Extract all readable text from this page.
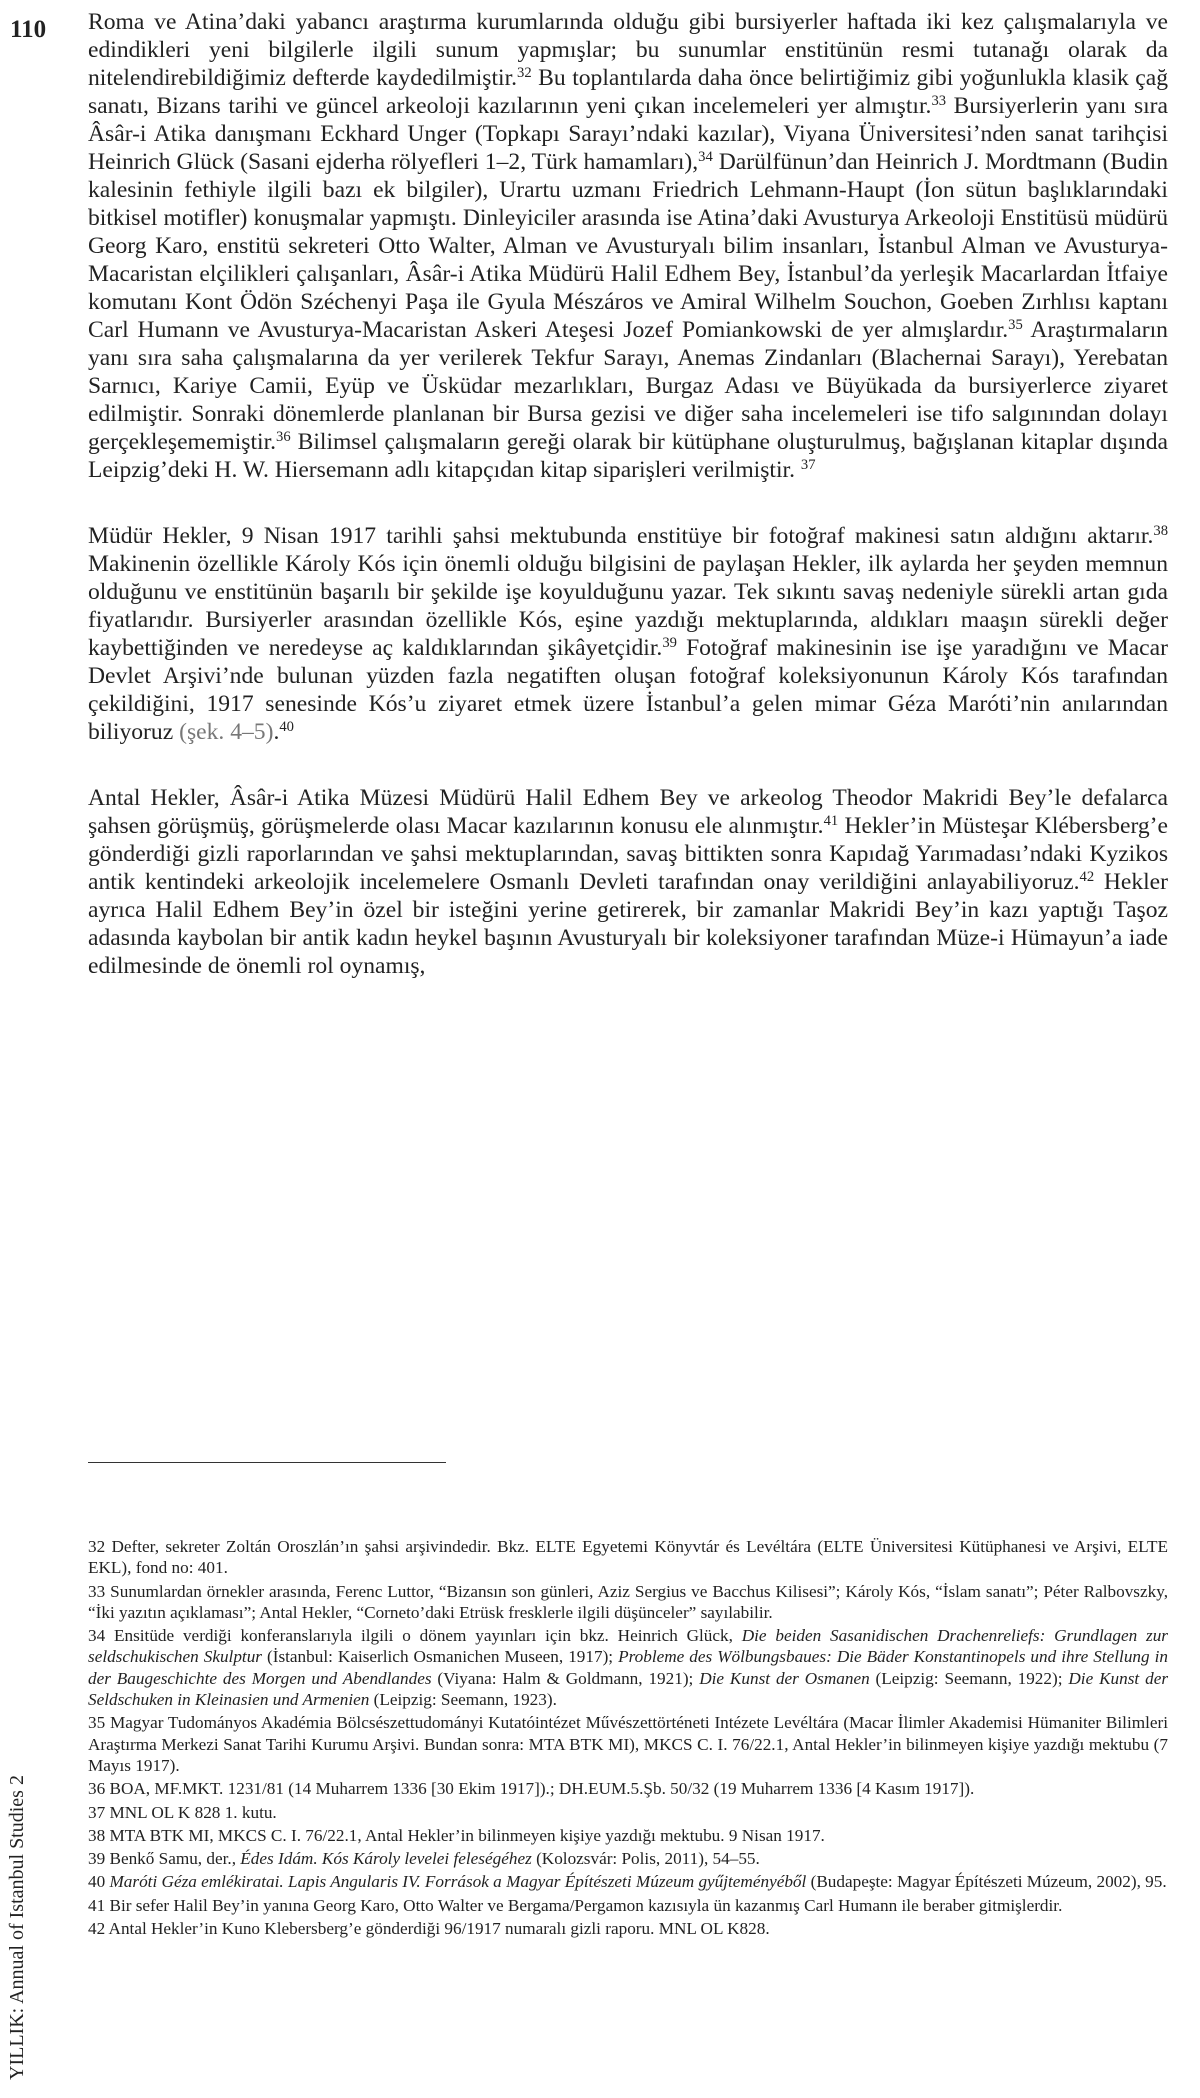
110
YILLIK: Annual of Istanbul Studies 2

Roma ve Atina’daki yabancı araştırma kurumlarında olduğu gibi bursiyerler haftada iki kez çalışmalarıyla ve edindikleri yeni bilgilerle ilgili sunum yapmışlar; bu sunumlar enstitünün resmi tutanağı olarak da nitelendirebildiğimiz defterde kaydedilmiştir.$^{32}$ Bu toplantılarda daha önce belirtiğimiz gibi yoğunlukla klasik çağ sanatı, Bizans tarihi ve güncel arkeoloji kazılarının yeni çıkan incelemeleri yer almıştır.$^{33}$ Bursiyerlerin yanı sıra Âsâr-i Atika danışmanı Eckhard Unger (Topkapı Sarayı’ndaki kazılar), Viyana Üniversitesi’nden sanat tarihçisi Heinrich Glück (Sasani ejderha rölyefleri 1–2, Türk hamamları),$^{34}$ Darülfünun’dan Heinrich J. Mordtmann (Budin kalesinin fethiyle ilgili bazı ek bilgiler), Urartu uzmanı Friedrich Lehmann-Haupt (İon sütun başlıklarındaki bitkisel motifler) konuşmalar yapmıştı. Dinleyiciler arasında ise Atina’daki Avusturya Arkeoloji Enstitüsü müdürü Georg Karo, enstitü sekreteri Otto Walter, Alman ve Avusturyalı bilim insanları, İstanbul Alman ve Avusturya-Macaristan elçilikleri çalışanları, Âsâr-i Atika Müdürü Halil Edhem Bey, İstanbul’da yerleşik Macarlardan İtfaiye komutanı Kont Ödön Széchenyi Paşa ile Gyula Mészáros ve Amiral Wilhelm Souchon, Goeben Zırhlısı kaptanı Carl Humann ve Avusturya-Macaristan Askeri Ateşesi Jozef Pomiankowski de yer almışlardır.$^{35}$ Araştırmaların yanı sıra saha çalışmalarına da yer verilerek Tekfur Sarayı, Anemas Zindanları (Blachernai Sarayı), Yerebatan Sarnıcı, Kariye Camii, Eyüp ve Üsküdar mezarlıkları, Burgaz Adası ve Büyükada da bursiyerlerce ziyaret edilmiştir. Sonraki dönemlerde planlanan bir Bursa gezisi ve diğer saha incelemeleri ise tifo salgınından dolayı gerçekleşememiştir.$^{36}$ Bilimsel çalışmaların gereği olarak bir kütüphane oluşturulmuş, bağışlanan kitaplar dışında Leipzig’deki H. W. Hiersemann adlı kitapçıdan kitap siparişleri verilmiştir. $^{37}$

Müdür Hekler, 9 Nisan 1917 tarihli şahsi mektubunda enstitüye bir fotoğraf makinesi satın aldığını aktarır.$^{38}$ Makinenin özellikle Károly Kós için önemli olduğu bilgisini de paylaşan Hekler, ilk aylarda her şeyden memnun olduğunu ve enstitünün başarılı bir şekilde işe koyulduğunu yazar. Tek sıkıntı savaş nedeniyle sürekli artan gıda fiyatlarıdır. Bursiyerler arasından özellikle Kós, eşine yazdığı mektuplarında, aldıkları maaşın sürekli değer kaybettiğinden ve neredeyse aç kaldıklarından şikâyetçidir.$^{39}$ Fotoğraf makinesinin ise işe yaradığını ve Macar Devlet Arşivi’nde bulunan yüzden fazla negatiften oluşan fotoğraf koleksiyonunun Károly Kós tarafından çekildiğini, 1917 senesinde Kós’u ziyaret etmek üzere İstanbul’a gelen mimar Géza Maróti’nin anılarından biliyoruz (şek. 4–5).$^{40}$

Antal Hekler, Âsâr-i Atika Müzesi Müdürü Halil Edhem Bey ve arkeolog Theodor Makridi Bey’le defalarca şahsen görüşmüş, görüşmelerde olası Macar kazılarının konusu ele alınmıştır.$^{41}$ Hekler’in Müsteşar Klébersberg’e gönderdiği gizli raporlarından ve şahsi mektuplarından, savaş bittikten sonra Kapıdağ Yarımadası’ndaki Kyzikos antik kentindeki arkeolojik incelemelere Osmanlı Devleti tarafından onay verildiğini anlayabiliyoruz.$^{42}$ Hekler ayrıca Halil Edhem Bey’in özel bir isteğini yerine getirerek, bir zamanlar Makridi Bey’in kazı yaptığı Taşoz adasında kaybolan bir antik kadın heykel başının Avusturyalı bir koleksiyoner tarafından Müze-i Hümayun’a iade edilmesinde de önemli rol oynamış,

32 Defter, sekreter Zoltán Oroszlán’ın şahsi arşivindedir. Bkz. ELTE Egyetemi Könyvtár és Levéltára (ELTE Üniversitesi Kütüphanesi ve Arşivi, ELTE EKL), fond no: 401.
33 Sunumlardan örnekler arasında, Ferenc Luttor, “Bizansın son günleri, Aziz Sergius ve Bacchus Kilisesi”; Károly Kós, “İslam sanatı”; Péter Ralbovszky, “İki yazıtın açıklaması”; Antal Hekler, “Corneto’daki Etrüsk fresklerle ilgili düşünceler” sayılabilir.
34 Ensitüde verdiği konferanslarıyla ilgili o dönem yayınları için bkz. Heinrich Glück, Die beiden Sasanidischen Drachenreliefs: Grundlagen zur seldschukischen Skulptur (İstanbul: Kaiserlich Osmanichen Museen, 1917); Probleme des Wölbungsbaues: Die Bäder Konstantinopels und ihre Stellung in der Baugeschichte des Morgen und Abendlandes (Viyana: Halm & Goldmann, 1921); Die Kunst der Osmanen (Leipzig: Seemann, 1922); Die Kunst der Seldschuken in Kleinasien und Armenien (Leipzig: Seemann, 1923).
35 Magyar Tudományos Akadémia Bölcsészettudományi Kutatóintézet Művészettörténeti Intézete Levéltára (Macar İlimler Akademisi Hümaniter Bilimleri Araştırma Merkezi Sanat Tarihi Kurumu Arşivi. Bundan sonra: MTA BTK MI), MKCS C. I. 76/22.1, Antal Hekler’in bilinmeyen kişiye yazdığı mektubu (7 Mayıs 1917).
36 BOA, MF.MKT. 1231/81 (14 Muharrem 1336 [30 Ekim 1917]).; DH.EUM.5.Şb. 50/32 (19 Muharrem 1336 [4 Kasım 1917]).
37 MNL OL K 828 1. kutu.
38 MTA BTK MI, MKCS C. I. 76/22.1, Antal Hekler’in bilinmeyen kişiye yazdığı mektubu. 9 Nisan 1917.
39 Benkő Samu, der., Édes Idám. Kós Károly levelei feleségéhez (Kolozsvár: Polis, 2011), 54–55.
40 Maróti Géza emlékiratai. Lapis Angularis IV. Források a Magyar Építészeti Múzeum gyűjteményéből (Budapeşte: Magyar Építészeti Múzeum, 2002), 95.
41 Bir sefer Halil Bey’in yanına Georg Karo, Otto Walter ve Bergama/Pergamon kazısıyla ün kazanmış Carl Humann ile beraber gitmişlerdir.
42 Antal Hekler’in Kuno Klebersberg’e gönderdiği 96/1917 numaralı gizli raporu. MNL OL K828.
